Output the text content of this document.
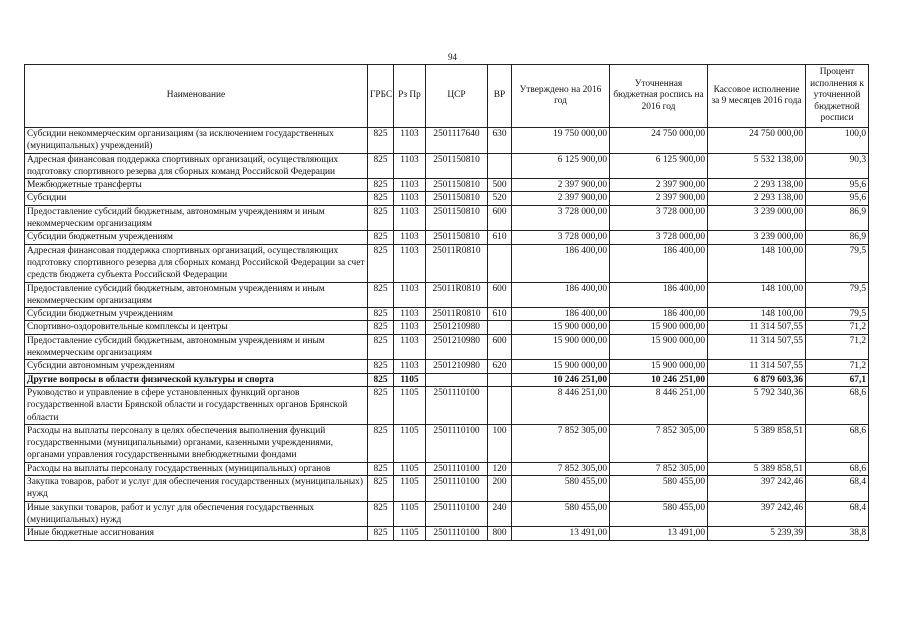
94
Наименование	ГРБС	Рз Пр	ЦСР	ВР	Утверждено на 2016 год	Уточненная бюджетная роспись на 2016 год	Кассовое исполнение за 9 месяцев 2016 года	Процент исполнения к уточненной бюджетной росписи
Субсидии некоммерческим организациям (за исключением государственных (муниципальных) учреждений)	825	1103	2501117640	630	19 750 000,00	24 750 000,00	24 750 000,00	100,0
Адресная финансовая поддержка спортивных организаций, осуществляющих подготовку спортивного резерва для сборных команд Российской Федерации	825	1103	2501150810		6 125 900,00	6 125 900,00	5 532 138,00	90,3
Межбюджетные трансферты	825	1103	2501150810	500	2 397 900,00	2 397 900,00	2 293 138,00	95,6
Субсидии	825	1103	2501150810	520	2 397 900,00	2 397 900,00	2 293 138,00	95,6
Предоставление субсидий бюджетным, автономным учреждениям и иным некоммерческим организациям	825	1103	2501150810	600	3 728 000,00	3 728 000,00	3 239 000,00	86,9
Субсидии бюджетным учреждениям	825	1103	2501150810	610	3 728 000,00	3 728 000,00	3 239 000,00	86,9
Адресная финансовая поддержка спортивных организаций, осуществляющих подготовку спортивного резерва для сборных команд Российской Федерации за счет средств бюджета субъекта Российской Федерации	825	1103	25011R0810		186 400,00	186 400,00	148 100,00	79,5
Предоставление субсидий бюджетным, автономным учреждениям и иным некоммерческим организациям	825	1103	25011R0810	600	186 400,00	186 400,00	148 100,00	79,5
Субсидии бюджетным учреждениям	825	1103	25011R0810	610	186 400,00	186 400,00	148 100,00	79,5
Спортивно-оздоровительные комплексы и центры	825	1103	2501210980		15 900 000,00	15 900 000,00	11 314 507,55	71,2
Предоставление субсидий бюджетным, автономным учреждениям и иным некоммерческим организациям	825	1103	2501210980	600	15 900 000,00	15 900 000,00	11 314 507,55	71,2
Субсидии автономным учреждениям	825	1103	2501210980	620	15 900 000,00	15 900 000,00	11 314 507,55	71,2
Другие вопросы в области физической культуры и спорта	825	1105			10 246 251,00	10 246 251,00	6 879 603,36	67,1
Руководство и управление в сфере установленных функций органов государственной власти Брянской области и государственных органов Брянской области	825	1105	2501110100		8 446 251,00	8 446 251,00	5 792 340,36	68,6
Расходы на выплаты персоналу в целях обеспечения выполнения функций государственными (муниципальными) органами, казенными учреждениями, органами управления государственными внебюджетными фондами	825	1105	2501110100	100	7 852 305,00	7 852 305,00	5 389 858,51	68,6
Расходы на выплаты персоналу государственных (муниципальных) органов	825	1105	2501110100	120	7 852 305,00	7 852 305,00	5 389 858,51	68,6
Закупка товаров, работ и услуг для обеспечения государственных (муниципальных) нужд	825	1105	2501110100	200	580 455,00	580 455,00	397 242,46	68,4
Иные закупки товаров, работ и услуг для обеспечения государственных (муниципальных) нужд	825	1105	2501110100	240	580 455,00	580 455,00	397 242,46	68,4
Иные бюджетные ассигнования	825	1105	2501110100	800	13 491,00	13 491,00	5 239,39	38,8
